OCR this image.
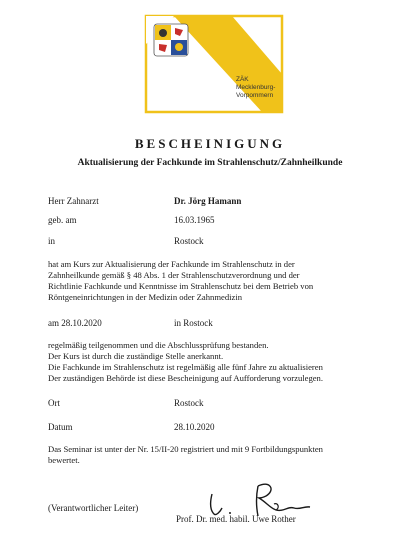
ZÄK
Mecklenburg-
Vorpommern
BESCHEINIGUNG
Aktualisierung der Fachkunde im Strahlenschutz/Zahnheilkunde
Herr Zahnarzt	Dr. Jörg Hamann
geb. am	16.03.1965
in	Rostock
hat am Kurs zur Aktualisierung der Fachkunde im Strahlenschutz in der
Zahnheilkunde gemäß § 48 Abs. 1 der Strahlenschutzverordnung und der
Richtlinie Fachkunde und Kenntnisse im Strahlenschutz bei dem Betrieb von
Röntgeneinrichtungen in der Medizin oder Zahnmedizin
am 28.10.2020	in Rostock
regelmäßig teilgenommen und die Abschlussprüfung bestanden.
Der Kurs ist durch die zuständige Stelle anerkannt.
Die Fachkunde im Strahlenschutz ist regelmäßig alle fünf Jahre zu aktualisieren
Der zuständigen Behörde ist diese Bescheinigung auf Aufforderung vorzulegen.
Ort	Rostock
Datum	28.10.2020
Das Seminar ist unter der Nr. 15/II-20 registriert und mit 9 Fortbildungspunkten
bewertet.
(Verantwortlicher Leiter)
Prof. Dr. med. habil. Uwe Rother
